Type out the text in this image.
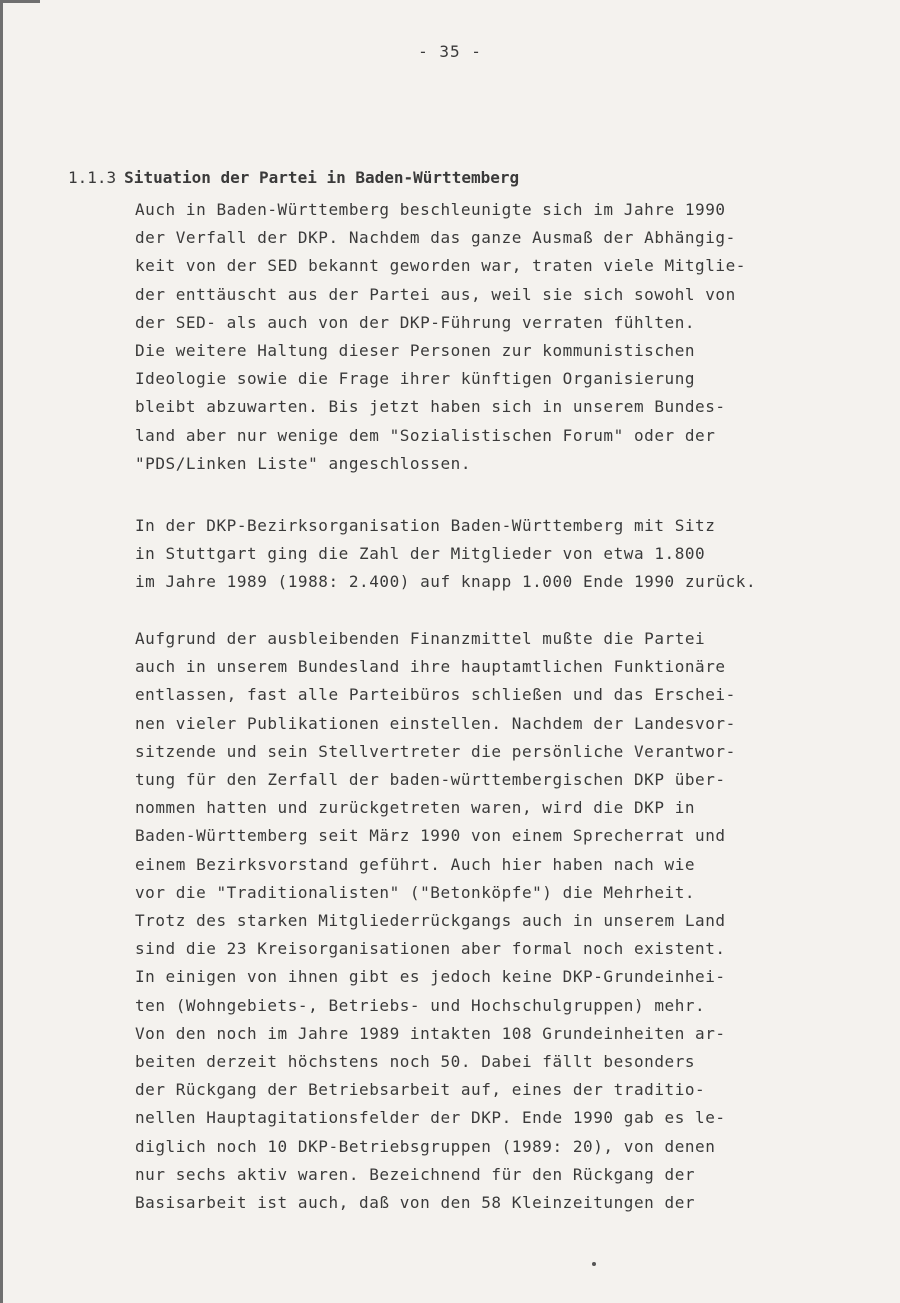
- 35 -
1.1.3 Situation der Partei in Baden-Württemberg

Auch in Baden-Württemberg beschleunigte sich im Jahre 1990
der Verfall der DKP. Nachdem das ganze Ausmaß der Abhängig-
keit von der SED bekannt geworden war, traten viele Mitglie-
der enttäuscht aus der Partei aus, weil sie sich sowohl von
der SED- als auch von der DKP-Führung verraten fühlten.
Die weitere Haltung dieser Personen zur kommunistischen
Ideologie sowie die Frage ihrer künftigen Organisierung
bleibt abzuwarten. Bis jetzt haben sich in unserem Bundes-
land aber nur wenige dem "Sozialistischen Forum" oder der
"PDS/Linken Liste" angeschlossen.

In der DKP-Bezirksorganisation Baden-Württemberg mit Sitz
in Stuttgart ging die Zahl der Mitglieder von etwa 1.800
im Jahre 1989 (1988: 2.400) auf knapp 1.000 Ende 1990 zurück.

Aufgrund der ausbleibenden Finanzmittel mußte die Partei
auch in unserem Bundesland ihre hauptamtlichen Funktionäre
entlassen, fast alle Parteibüros schließen und das Erschei-
nen vieler Publikationen einstellen. Nachdem der Landesvor-
sitzende und sein Stellvertreter die persönliche Verantwor-
tung für den Zerfall der baden-württembergischen DKP über-
nommen hatten und zurückgetreten waren, wird die DKP in
Baden-Württemberg seit März 1990 von einem Sprecherrat und
einem Bezirksvorstand geführt. Auch hier haben nach wie
vor die "Traditionalisten" ("Betonköpfe") die Mehrheit.
Trotz des starken Mitgliederrückgangs auch in unserem Land
sind die 23 Kreisorganisationen aber formal noch existent.
In einigen von ihnen gibt es jedoch keine DKP-Grundeinhei-
ten (Wohngebiets-, Betriebs- und Hochschulgruppen) mehr.
Von den noch im Jahre 1989 intakten 108 Grundeinheiten ar-
beiten derzeit höchstens noch 50. Dabei fällt besonders
der Rückgang der Betriebsarbeit auf, eines der traditio-
nellen Hauptagitationsfelder der DKP. Ende 1990 gab es le-
diglich noch 10 DKP-Betriebsgruppen (1989: 20), von denen
nur sechs aktiv waren. Bezeichnend für den Rückgang der
Basisarbeit ist auch, daß von den 58 Kleinzeitungen der
